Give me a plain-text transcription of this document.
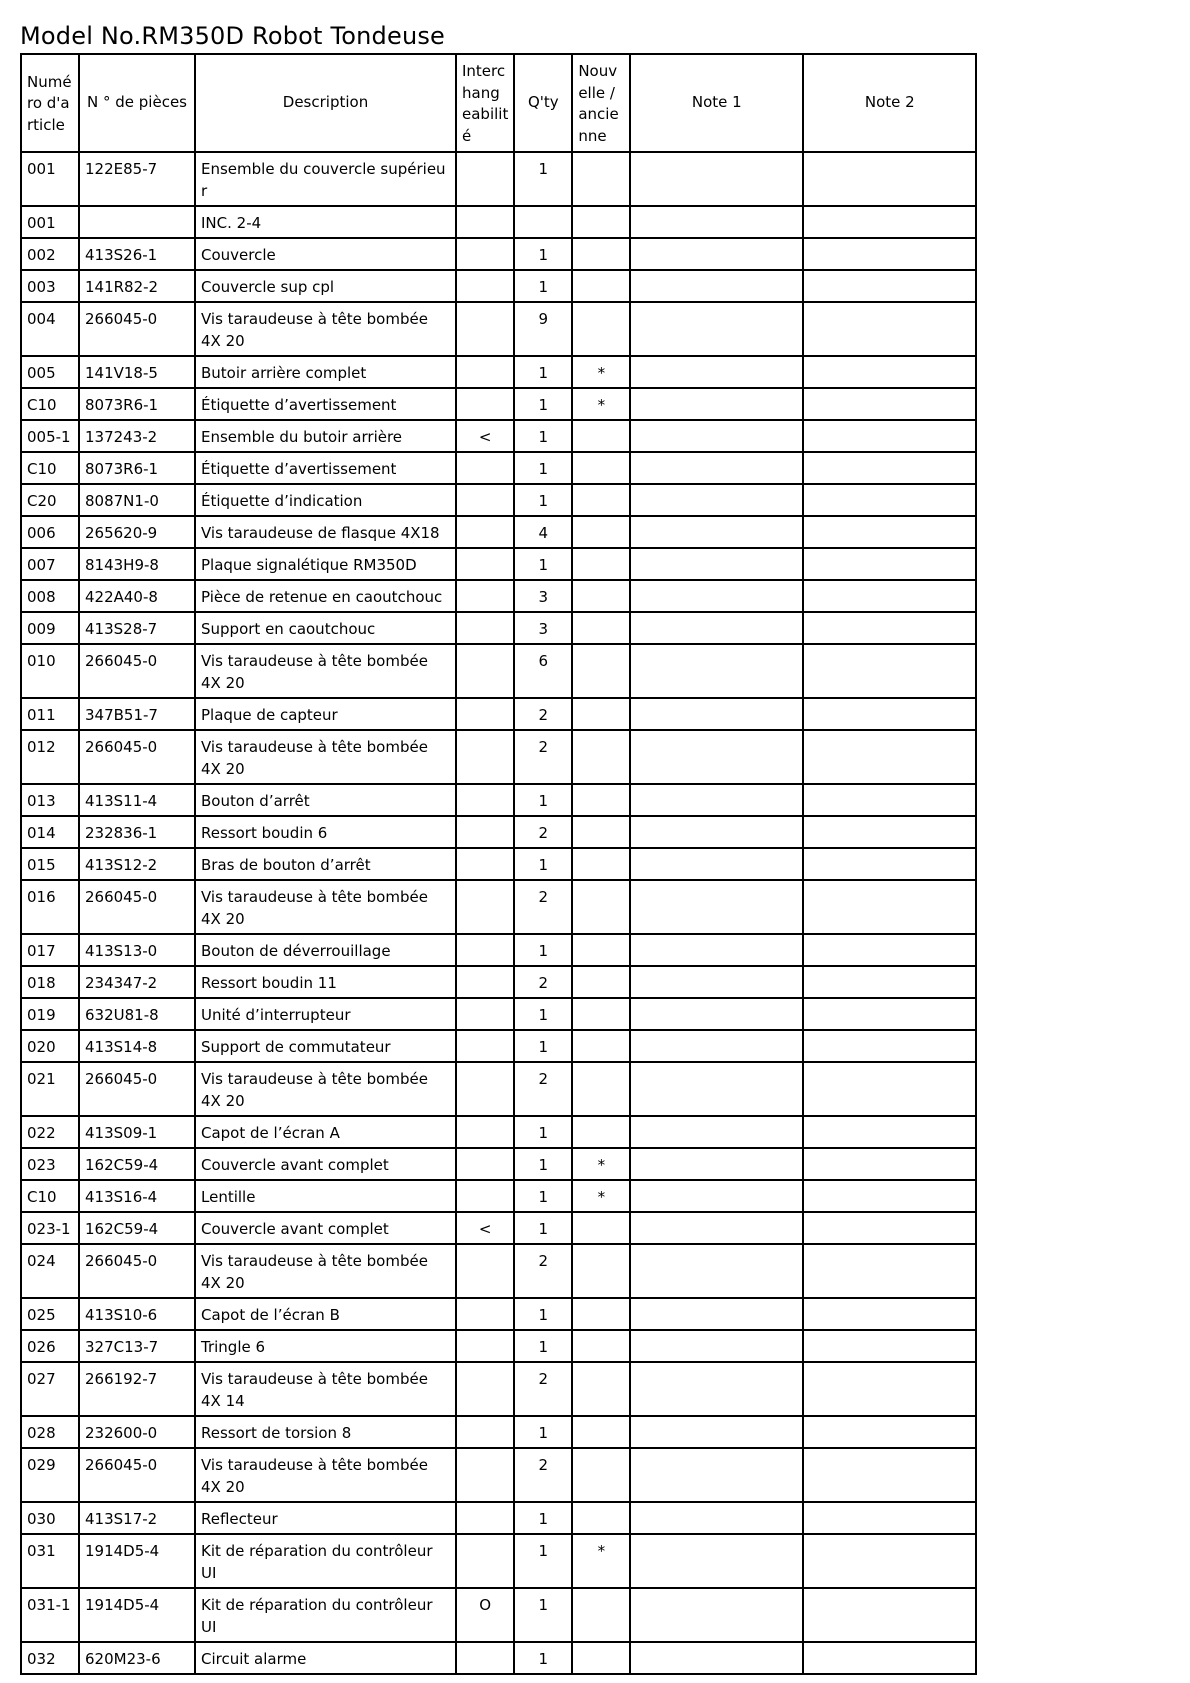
Model No.RM350D Robot Tondeuse
Numé ro d'a rticle	N ° de pièces	Description	Interc hang eabilit é	Q'ty	Nouv elle / ancie nne	Note 1	Note 2
001	122E85-7	Ensemble du couvercle supérieu r		1			
001		INC. 2-4					
002	413S26-1	Couvercle		1			
003	141R82-2	Couvercle sup cpl		1			
004	266045-0	Vis taraudeuse à tête bombée 4X 20		9			
005	141V18-5	Butoir arrière complet		1	*		
C10	8073R6-1	Étiquette d’avertissement		1	*		
005-1	137243-2	Ensemble du butoir arrière	<	1			
C10	8073R6-1	Étiquette d’avertissement		1			
C20	8087N1-0	Étiquette d’indication		1			
006	265620-9	Vis taraudeuse de flasque 4X18		4			
007	8143H9-8	Plaque signalétique RM350D		1			
008	422A40-8	Pièce de retenue en caoutchouc		3			
009	413S28-7	Support en caoutchouc		3			
010	266045-0	Vis taraudeuse à tête bombée 4X 20		6			
011	347B51-7	Plaque de capteur		2			
012	266045-0	Vis taraudeuse à tête bombée 4X 20		2			
013	413S11-4	Bouton d’arrêt		1			
014	232836-1	Ressort boudin 6		2			
015	413S12-2	Bras de bouton d’arrêt		1			
016	266045-0	Vis taraudeuse à tête bombée 4X 20		2			
017	413S13-0	Bouton de déverrouillage		1			
018	234347-2	Ressort boudin 11		2			
019	632U81-8	Unité d’interrupteur		1			
020	413S14-8	Support de commutateur		1			
021	266045-0	Vis taraudeuse à tête bombée 4X 20		2			
022	413S09-1	Capot de l’écran A		1			
023	162C59-4	Couvercle avant complet		1	*		
C10	413S16-4	Lentille		1	*		
023-1	162C59-4	Couvercle avant complet	<	1			
024	266045-0	Vis taraudeuse à tête bombée 4X 20		2			
025	413S10-6	Capot de l’écran B		1			
026	327C13-7	Tringle 6		1			
027	266192-7	Vis taraudeuse à tête bombée 4X 14		2			
028	232600-0	Ressort de torsion 8		1			
029	266045-0	Vis taraudeuse à tête bombée 4X 20		2			
030	413S17-2	Reflecteur		1			
031	1914D5-4	Kit de réparation du contrôleur UI		1	*		
031-1	1914D5-4	Kit de réparation du contrôleur UI	O	1			
032	620M23-6	Circuit alarme		1			
